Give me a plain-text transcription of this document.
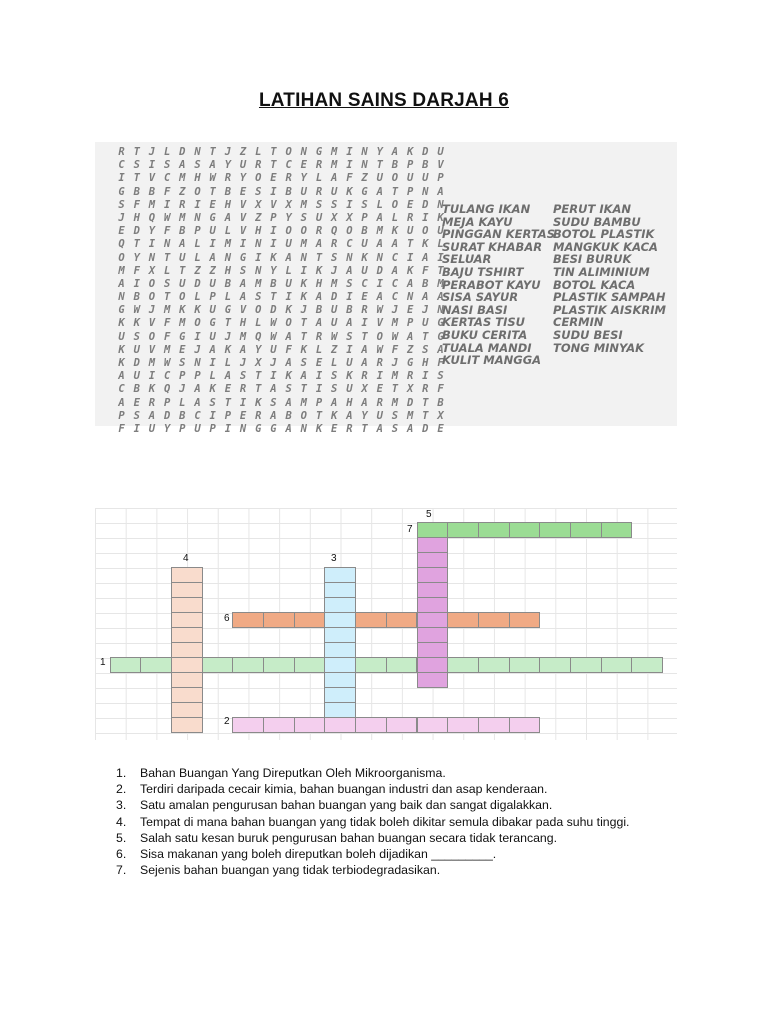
LATIHAN SAINS DARJAH 6
R T J L D N T J Z L T O N G M I N Y A K D U
C S I S A S A Y U R T C E R M I N T B P B V
I T V C M H W R Y O E R Y L A F Z U O U U P
G B B F Z O T B E S I B U R U K G A T P N A
S F M I R I E H V X V X M S S I S L O E D N
J H Q W M N G A V Z P Y S U X X P A L R I K
E D Y F B P U L V H I O O R Q O B M K U O U
Q T I N A L I M I N I U M A R C U A A T K L
O Y N T U L A N G I K A N T S N K N C I A I
M F X L T Z Z H S N Y L I K J A U D A K F T
A I O S U D U B A M B U K H M S C I C A B M
N B O T O L P L A S T I K A D I E A C N A A
G W J M K K U G V O D K J B U B R W J E J N
K K V F M O G T H L W O T A U A I V M P U G
U S O F G I U J M Q W A T R W S T O W A T G
K U V M E J A K A Y U F K L Z I A W F Z S A
K D M W S N I L J X J A S E L U A R J G H F
A U I C P P L A S T I K A I S K R I M R I S
C B K Q J A K E R T A S T I S U X E T X R F
A E R P L A S T I K S A M P A H A R M D T B
P S A D B C I P E R A B O T K A Y U S M T X
F I U Y P U P I N G G A N K E R T A S A D E
TULANG IKAN
MEJA KAYU
PINGGAN KERTAS
SURAT KHABAR
SELUAR
BAJU TSHIRT
PERABOT KAYU
SISA SAYUR
NASI BASI
KERTAS TISU
BUKU CERITA
TUALA MANDI
KULIT MANGGA
PERUT IKAN
SUDU BAMBU
BOTOL PLASTIK
MANGKUK KACA
BESI BURUK
TIN ALIMINIUM
BOTOL KACA
PLASTIK SAMPAH
PLASTIK AISKRIM
CERMIN
SUDU BESI
TONG MINYAK
1
2
3
4
5
6
7
1. Bahan Buangan Yang Direputkan Oleh Mikroorganisma.
2. Terdiri daripada cecair kimia, bahan buangan industri dan asap kenderaan.
3. Satu amalan pengurusan bahan buangan yang baik dan sangat digalakkan.
4. Tempat di mana bahan buangan yang tidak boleh dikitar semula dibakar pada suhu tinggi.
5. Salah satu kesan buruk pengurusan bahan buangan secara tidak terancang.
6. Sisa makanan yang boleh direputkan boleh dijadikan _________.
7. Sejenis bahan buangan yang tidak terbiodegradasikan.
